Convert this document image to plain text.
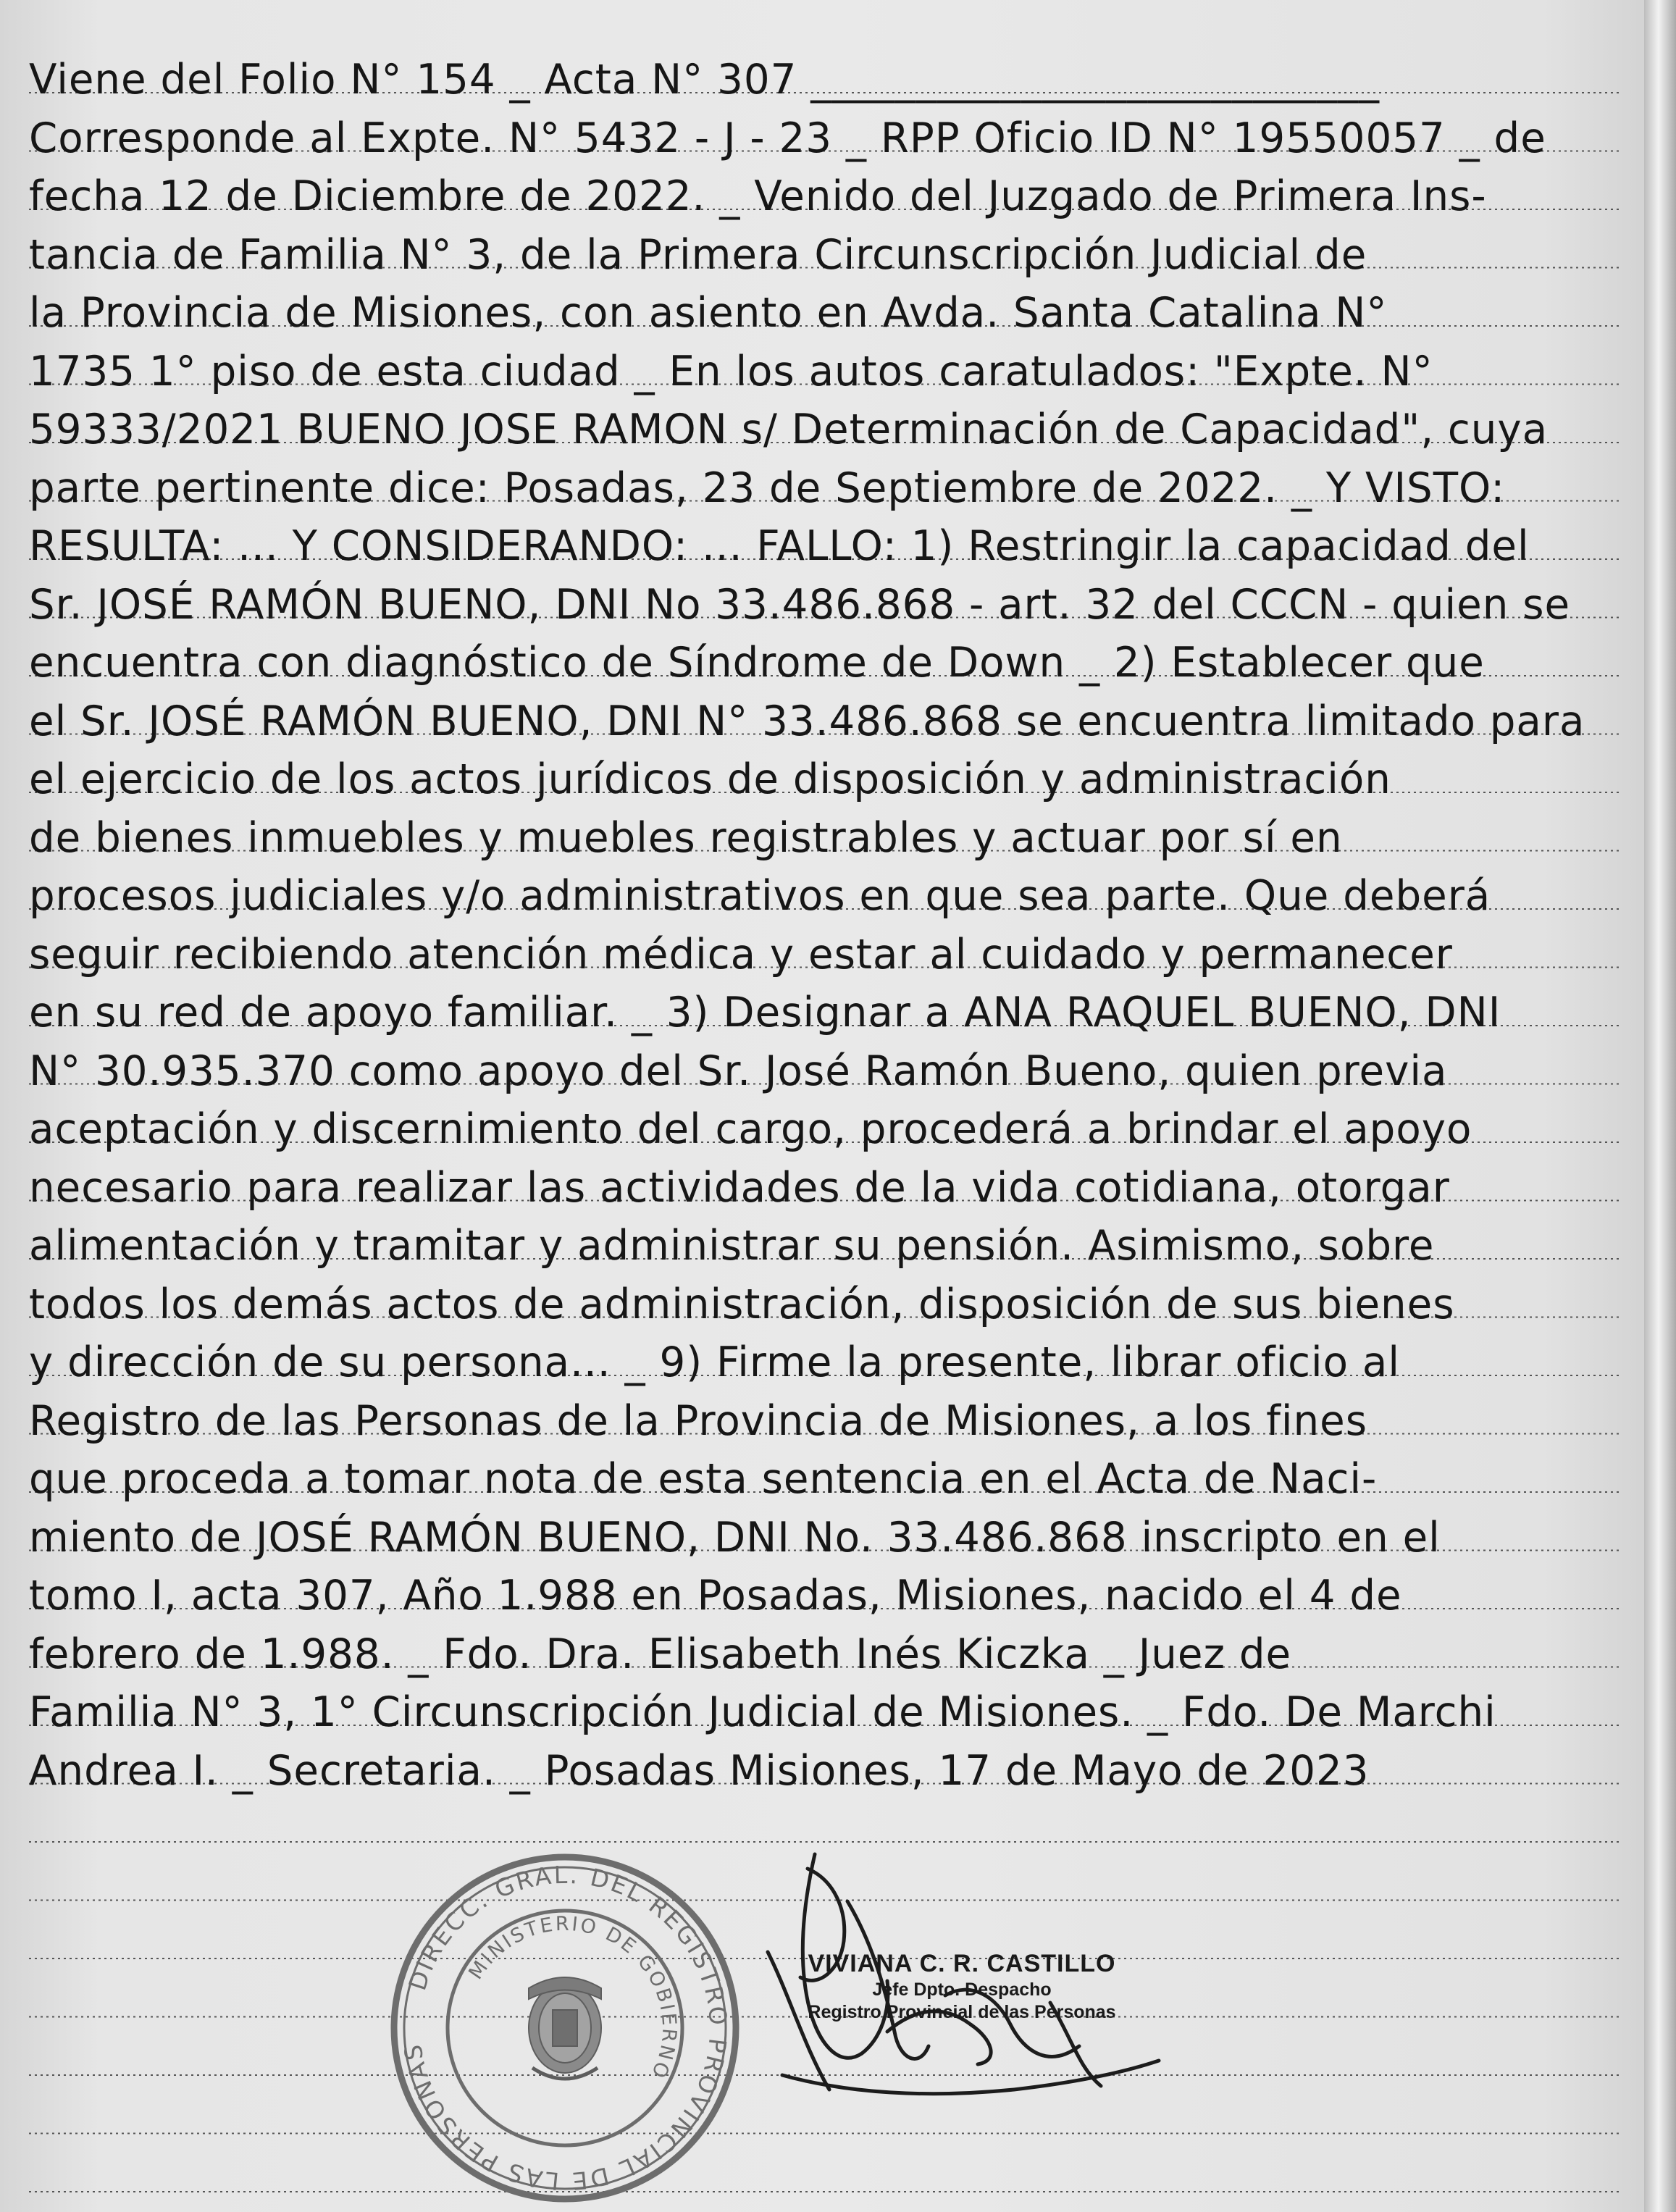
Viene del Folio N° 154 _ Acta N° 307 ___________________________
Corresponde al Expte. N° 5432 - J - 23 _ RPP Oficio ID N° 19550057 _ de
fecha 12 de Diciembre de 2022. _ Venido del Juzgado de Primera Ins-
tancia de Familia N° 3, de la Primera Circunscripción Judicial de
la Provincia de Misiones, con asiento en Avda. Santa Catalina N°
1735 1° piso de esta ciudad _ En los autos caratulados: "Expte. N°
59333/2021 BUENO JOSE RAMON s/ Determinación de Capacidad", cuya
parte pertinente dice: Posadas, 23 de Septiembre de 2022. _ Y VISTO:
RESULTA: ... Y CONSIDERANDO: ... FALLO: 1) Restringir la capacidad del
Sr. JOSÉ RAMÓN BUENO, DNI No 33.486.868 - art. 32 del CCCN - quien se
encuentra con diagnóstico de Síndrome de Down _ 2) Establecer que
el Sr. JOSÉ RAMÓN BUENO, DNI N° 33.486.868 se encuentra limitado para
el ejercicio de los actos jurídicos de disposición y administración
de bienes inmuebles y muebles registrables y actuar por sí en
procesos judiciales y/o administrativos en que sea parte. Que deberá
seguir recibiendo atención médica y estar al cuidado y permanecer
en su red de apoyo familiar. _ 3) Designar a ANA RAQUEL BUENO, DNI
N° 30.935.370 como apoyo del Sr. José Ramón Bueno, quien previa
aceptación y discernimiento del cargo, procederá a brindar el apoyo
necesario para realizar las actividades de la vida cotidiana, otorgar
alimentación y tramitar y administrar su pensión. Asimismo, sobre
todos los demás actos de administración, disposición de sus bienes
y dirección de su persona... _ 9) Firme la presente, librar oficio al
Registro de las Personas de la Provincia de Misiones, a los fines
que proceda a tomar nota de esta sentencia en el Acta de Naci-
miento de JOSÉ RAMÓN BUENO, DNI No. 33.486.868 inscripto en el
tomo I, acta 307, Año 1.988 en Posadas, Misiones, nacido el 4 de
febrero de 1.988. _ Fdo. Dra. Elisabeth Inés Kiczka _ Juez de
Familia N° 3, 1° Circunscripción Judicial de Misiones. _ Fdo. De Marchi
Andrea I. _ Secretaria. _ Posadas Misiones, 17 de Mayo de 2023
DIRECC. GRAL. DEL REGISTRO PROVINCIAL DE LAS PERSONAS
MINISTERIO DE GOBIERNO
VIVIANA C. R. CASTILLO
Jefe Dpto. Despacho
Registro Provincial de las Personas
